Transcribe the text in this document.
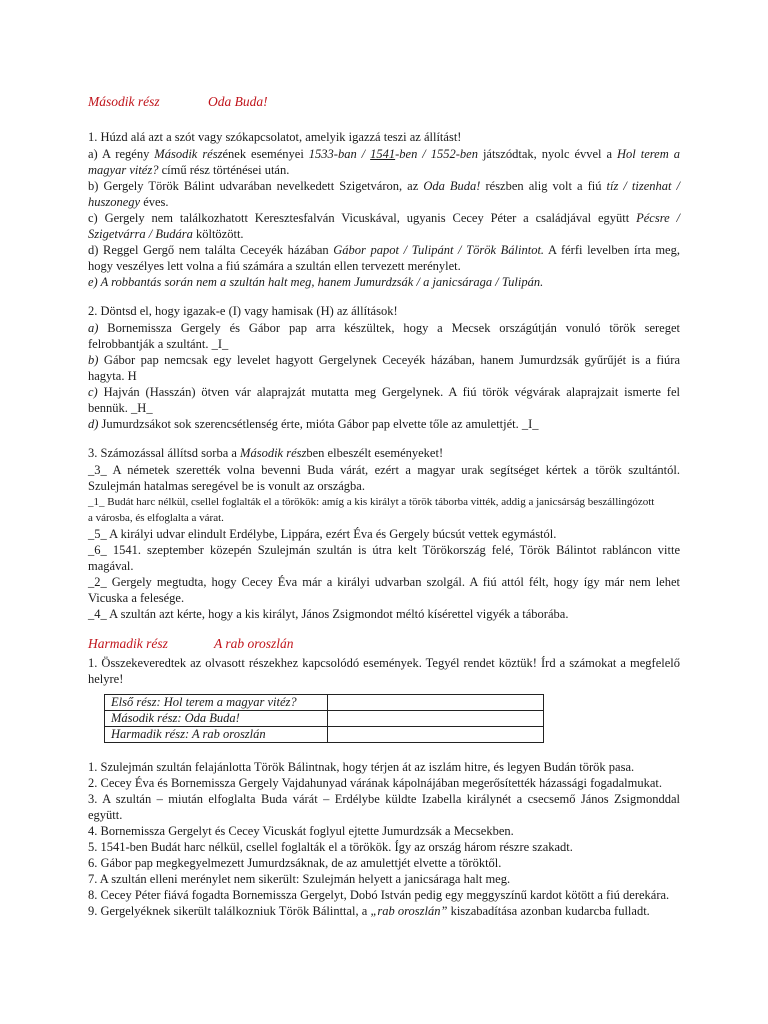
Második rész	Oda Buda!
1. Húzd alá azt a szót vagy szókapcsolatot, amelyik igazzá teszi az állítást!
a) A regény Második részének eseményei 1533-ban / 1541-ben / 1552-ben játszódtak, nyolc évvel a Hol terem a
magyar vitéz? című rész történései után.
b) Gergely Török Bálint udvarában nevelkedett Szigetváron, az Oda Buda! részben alig volt a fiú tíz / tizenhat /
huszonegy éves.
c) Gergely nem találkozhatott Keresztesfalván Vicuskával, ugyanis Cecey Péter a családjával együtt Pécsre /
Szigetvárra / Budára költözött.
d) Reggel Gergő nem találta Ceceyék házában Gábor papot / Tulipánt / Török Bálintot. A férfi levelben írta meg,
hogy veszélyes lett volna a fiú számára a szultán ellen tervezett merénylet.
e) A robbantás során nem a szultán halt meg, hanem Jumurdzsák / a janicsáraga / Tulipán.
2. Döntsd el, hogy igazak-e (I) vagy hamisak (H) az állítások!
a) Bornemissza Gergely és Gábor pap arra készültek, hogy a Mecsek országútján vonuló török sereget
felrobbantják a szultánt. _I_
b) Gábor pap nemcsak egy levelet hagyott Gergelynek Ceceyék házában, hanem Jumurdzsák gyűrűjét is a fiúra
hagyta. H
c) Hajván (Hasszán) ötven vár alaprajzát mutatta meg Gergelynek. A fiú török végvárak alaprajzait ismerte fel
bennük. _H_
d) Jumurdzsákot sok szerencsétlenség érte, mióta Gábor pap elvette tőle az amulettjét. _I_
3. Számozással állítsd sorba a Második részben elbeszélt eseményeket!
_3_ A németek szerették volna bevenni Buda várát, ezért a magyar urak segítséget kértek a török szultántól.
Szulejmán hatalmas seregével be is vonult az országba.
_1_ Budát harc nélkül, csellel foglalták el a törökök: amíg a kis királyt a török táborba vitték, addig a janicsárság beszállingózott
a városba, és elfoglalta a várat.
_5_ A királyi udvar elindult Erdélybe, Lippára, ezért Éva és Gergely búcsút vettek egymástól.
_6_ 1541. szeptember közepén Szulejmán szultán is útra kelt Törökország felé, Török Bálintot rabláncon vitte
magával.
_2_ Gergely megtudta, hogy Cecey Éva már a királyi udvarban szolgál. A fiú attól félt, hogy így már nem lehet
Vicuska a felesége.
_4_ A szultán azt kérte, hogy a kis királyt, János Zsigmondot méltó kísérettel vigyék a táborába.
Harmadik rész	A rab oroszlán
1. Összekeveredtek az olvasott részekhez kapcsolódó események. Tegyél rendet köztük! Írd a számokat a megfelelő
helyre!
Első rész: Hol terem a magyar vitéz?	
Második rész: Oda Buda!	
Harmadik rész: A rab oroszlán	
1. Szulejmán szultán felajánlotta Török Bálintnak, hogy térjen át az iszlám hitre, és legyen Budán török pasa.
2. Cecey Éva és Bornemissza Gergely Vajdahunyad várának kápolnájában megerősítették házassági fogadalmukat.
3. A szultán – miután elfoglalta Buda várát – Erdélybe küldte Izabella királynét a csecsemő János Zsigmonddal
együtt.
4. Bornemissza Gergelyt és Cecey Vicuskát foglyul ejtette Jumurdzsák a Mecsekben.
5. 1541-ben Budát harc nélkül, csellel foglalták el a törökök. Így az ország három részre szakadt.
6. Gábor pap megkegyelmezett Jumurdzsáknak, de az amulettjét elvette a töröktől.
7. A szultán elleni merénylet nem sikerült: Szulejmán helyett a janicsáraga halt meg.
8. Cecey Péter fiává fogadta Bornemissza Gergelyt, Dobó István pedig egy meggyszínű kardot kötött a fiú derekára.
9. Gergelyéknek sikerült találkozniuk Török Bálinttal, a „rab oroszlán” kiszabadítása azonban kudarcba fulladt.
